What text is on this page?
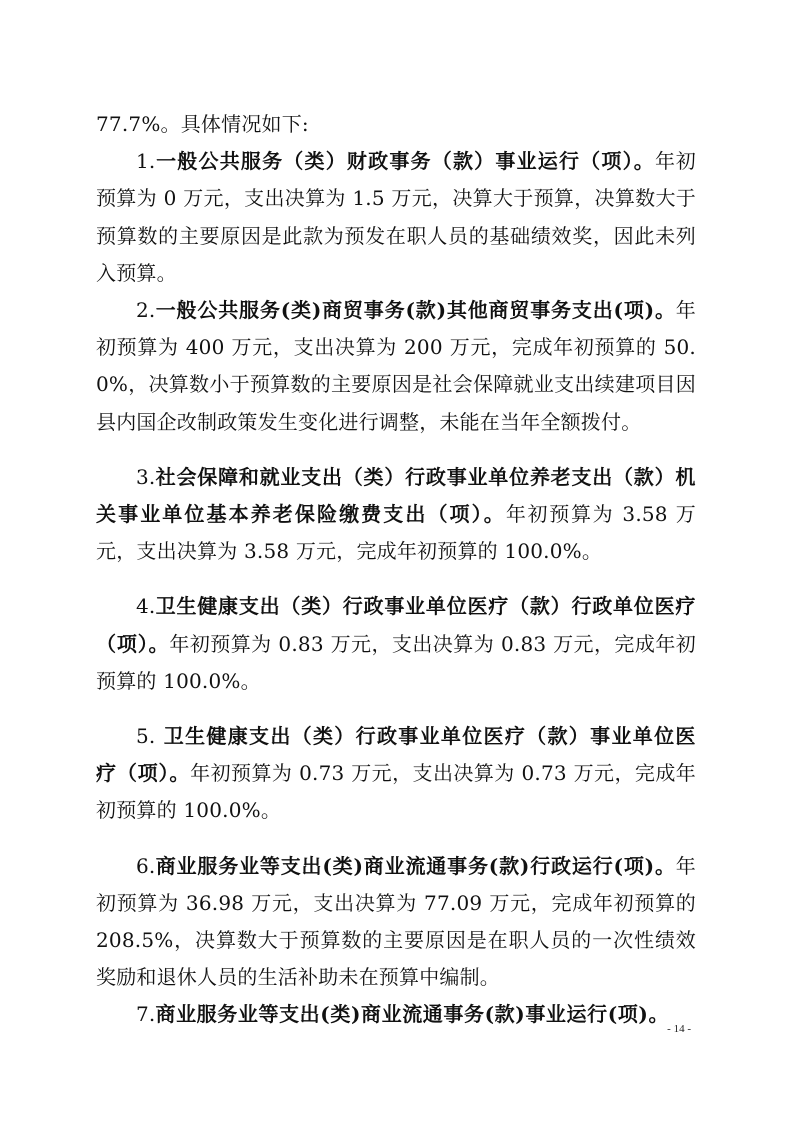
77.7%。具体情况如下:

1.一般公共服务（类）财政事务（款）事业运行（项）。年初预算为 0 万元，支出决算为 1.5 万元，决算大于预算，决算数大于预算数的主要原因是此款为预发在职人员的基础绩效奖，因此未列入预算。

2.一般公共服务(类)商贸事务(款)其他商贸事务支出(项)。年初预算为 400 万元，支出决算为 200 万元，完成年初预算的 50.0%，决算数小于预算数的主要原因是社会保障就业支出续建项目因县内国企改制政策发生变化进行调整，未能在当年全额拨付。

3.社会保障和就业支出（类）行政事业单位养老支出（款）机关事业单位基本养老保险缴费支出（项）。年初预算为 3.58 万元，支出决算为 3.58 万元，完成年初预算的 100.0%。

4.卫生健康支出（类）行政事业单位医疗（款）行政单位医疗（项）。年初预算为 0.83 万元，支出决算为 0.83 万元，完成年初预算的 100.0%。

5. 卫生健康支出（类）行政事业单位医疗（款）事业单位医疗（项）。年初预算为 0.73 万元，支出决算为 0.73 万元，完成年初预算的 100.0%。

6.商业服务业等支出(类)商业流通事务(款)行政运行(项)。年初预算为 36.98 万元，支出决算为 77.09 万元，完成年初预算的 208.5%，决算数大于预算数的主要原因是在职人员的一次性绩效奖励和退休人员的生活补助未在预算中编制。

7.商业服务业等支出(类)商业流通事务(款)事业运行(项)。

- 14 -
